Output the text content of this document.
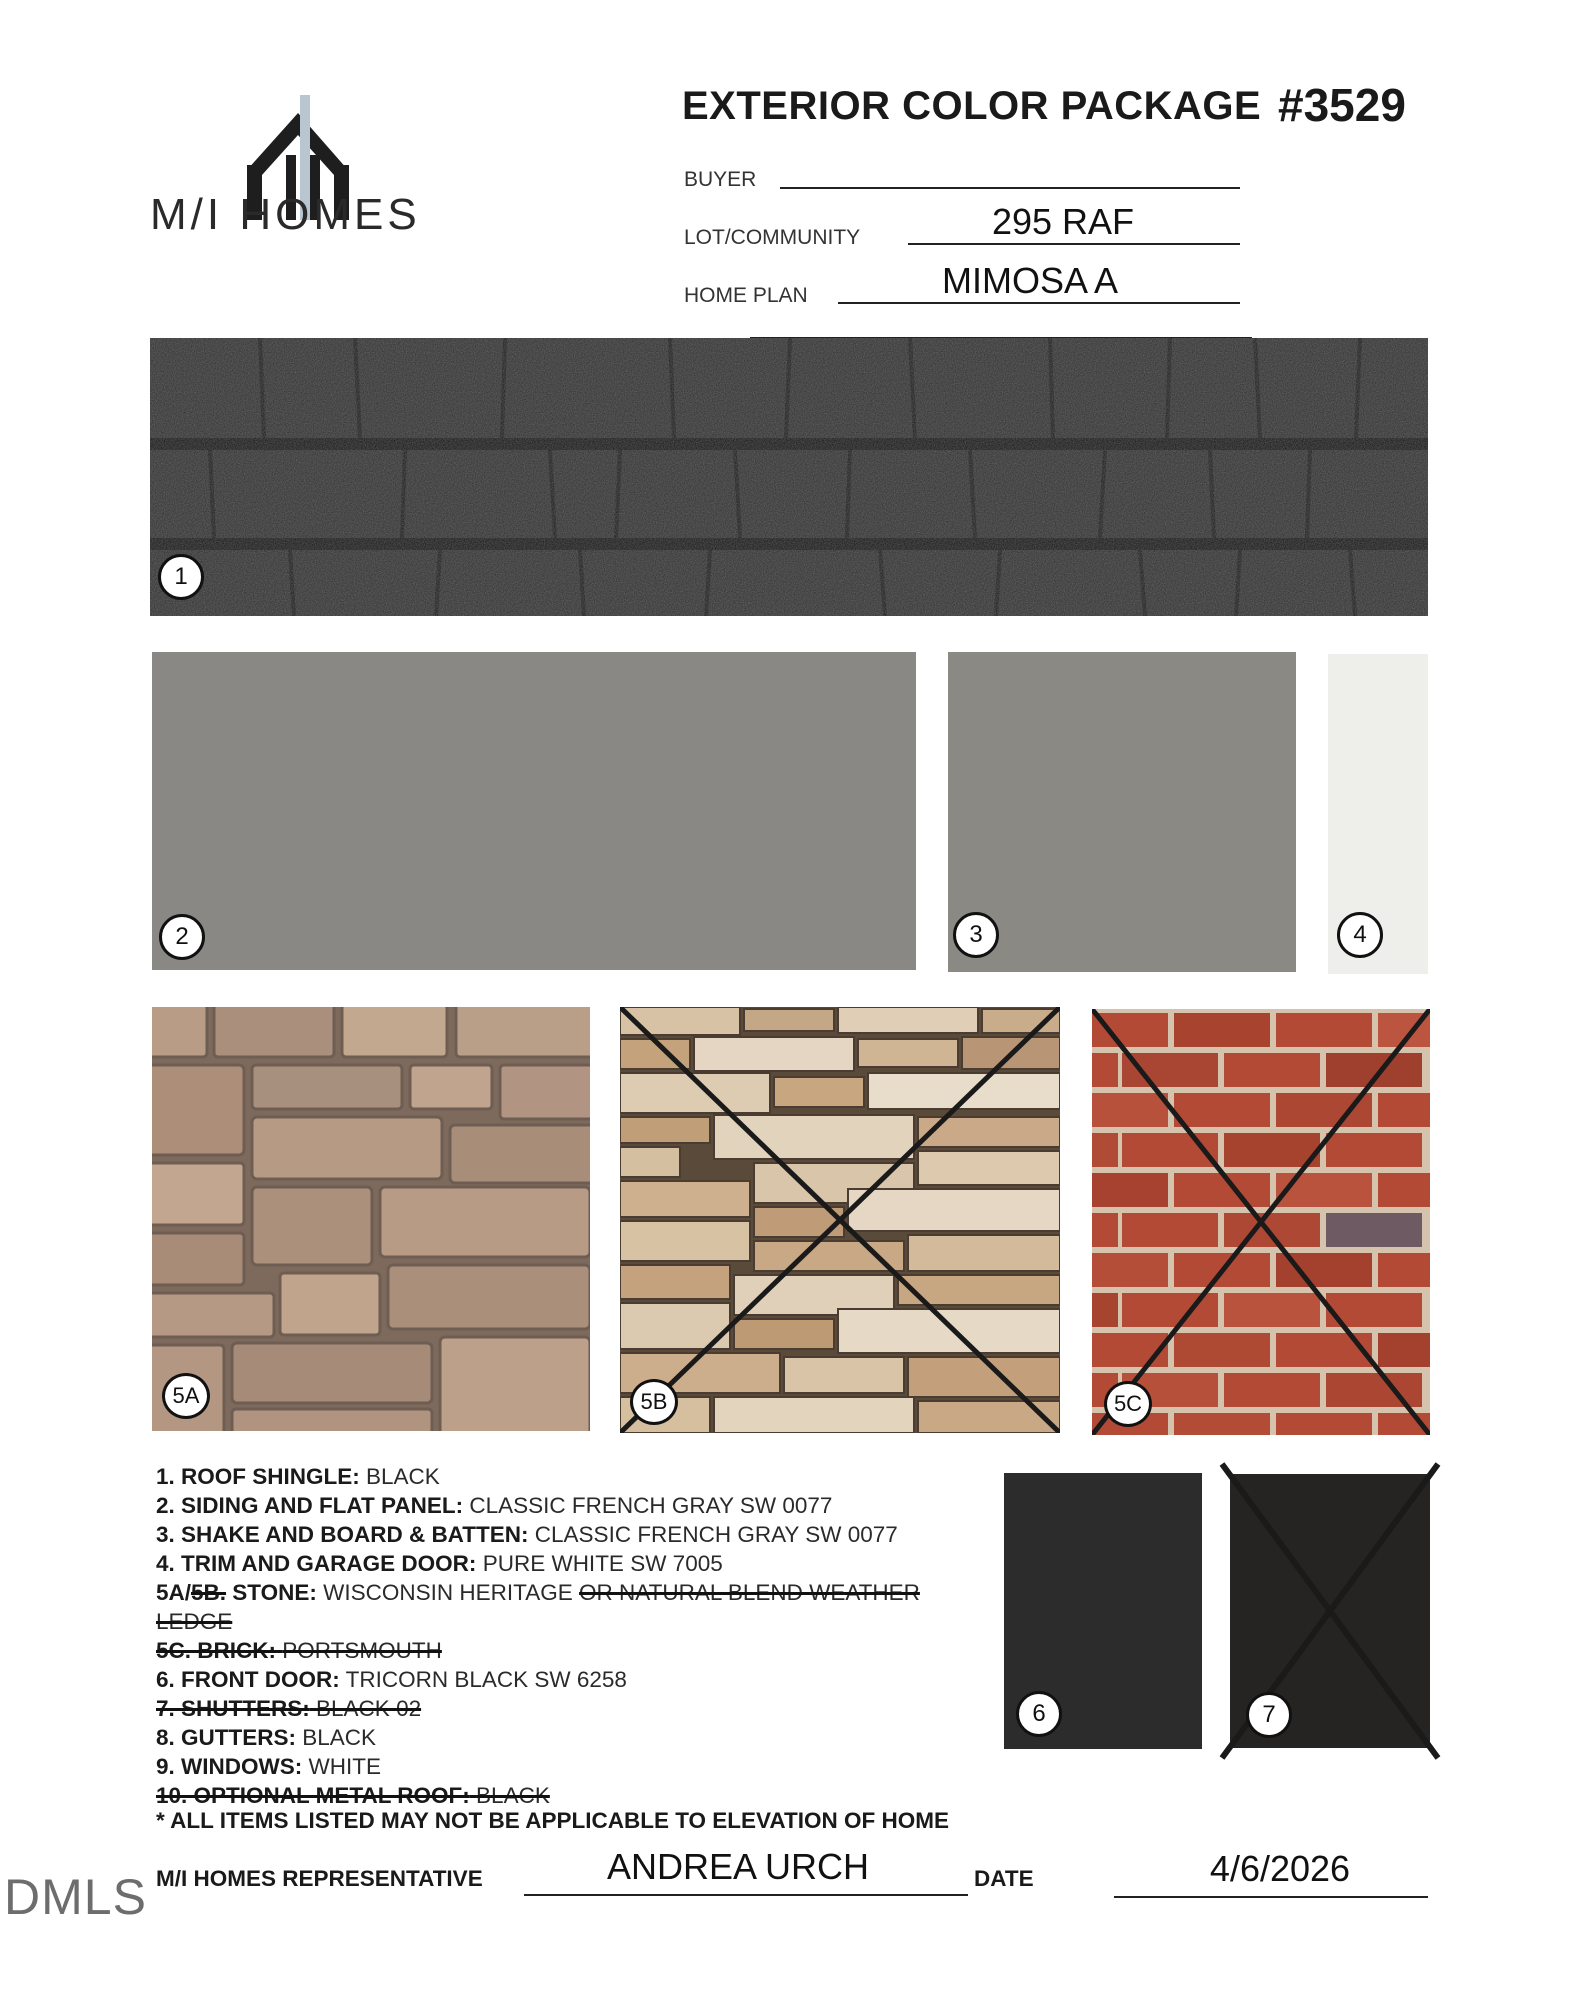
M/I HOMES
EXTERIOR COLOR PACKAGE #3529
BUYER
LOT/COMMUNITY	295 RAF
HOME PLAN	MIMOSA A
1
2	3	4
5A	5B	5C
1. ROOF SHINGLE: BLACK
2. SIDING AND FLAT PANEL: CLASSIC FRENCH GRAY SW 0077
3. SHAKE AND BOARD & BATTEN: CLASSIC FRENCH GRAY SW 0077
4. TRIM AND GARAGE DOOR: PURE WHITE SW 7005
5A/5B. STONE: WISCONSIN HERITAGE OR NATURAL BLEND WEATHER
LEDGE
5C. BRICK: PORTSMOUTH
6. FRONT DOOR: TRICORN BLACK SW 6258
7. SHUTTERS: BLACK 02
8. GUTTERS: BLACK
9. WINDOWS: WHITE
10. OPTIONAL METAL ROOF: BLACK
6	7
* ALL ITEMS LISTED MAY NOT BE APPLICABLE TO ELEVATION OF HOME
M/I HOMES REPRESENTATIVE	ANDREA URCH	DATE	4/6/2026
DMLS
